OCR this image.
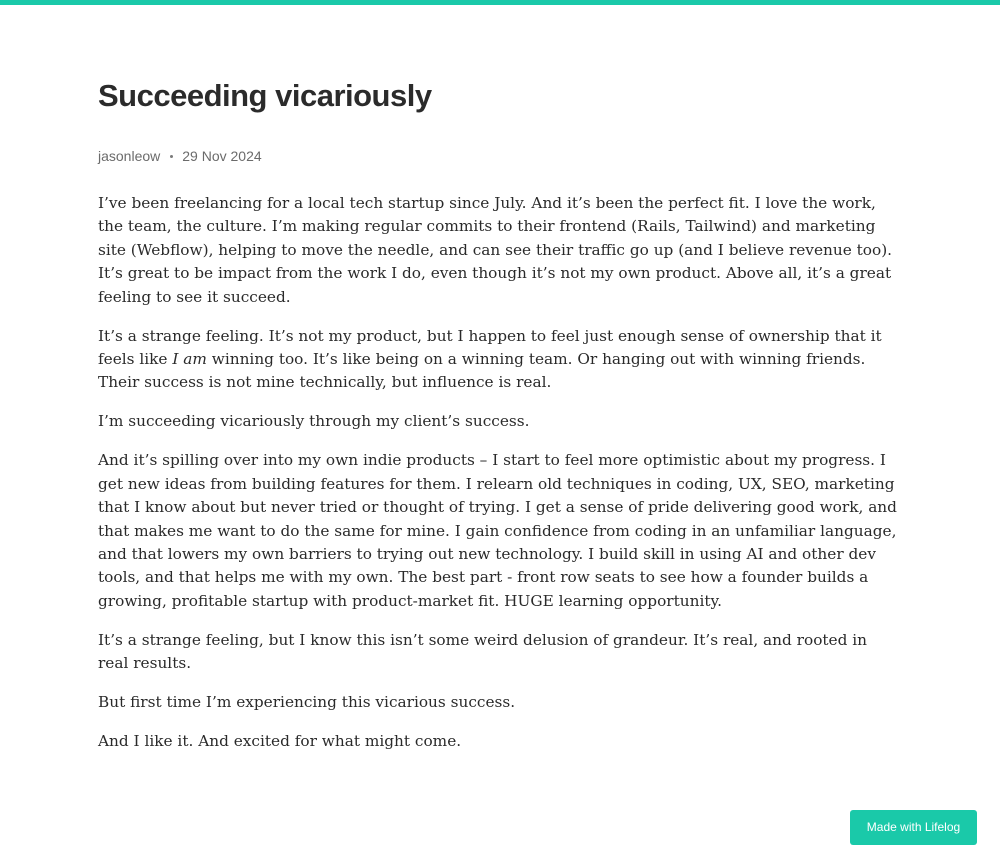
Succeeding vicariously
jasonleow 29 Nov 2024

I’ve been freelancing for a local tech startup since July. And it’s been the perfect fit. I love the work, the team, the culture. I’m making regular commits to their frontend (Rails, Tailwind) and marketing site (Webflow), helping to move the needle, and can see their traffic go up (and I believe revenue too). It’s great to be impact from the work I do, even though it’s not my own product. Above all, it’s a great feeling to see it succeed.

It’s a strange feeling. It’s not my product, but I happen to feel just enough sense of ownership that it feels like I am winning too. It’s like being on a winning team. Or hanging out with winning friends. Their success is not mine technically, but influence is real.

I’m succeeding vicariously through my client’s success.

And it’s spilling over into my own indie products – I start to feel more optimistic about my progress. I get new ideas from building features for them. I relearn old techniques in coding, UX, SEO, marketing that I know about but never tried or thought of trying. I get a sense of pride delivering good work, and that makes me want to do the same for mine. I gain confidence from coding in an unfamiliar language, and that lowers my own barriers to trying out new technology. I build skill in using AI and other dev tools, and that helps me with my own. The best part - front row seats to see how a founder builds a growing, profitable startup with product-market fit. HUGE learning opportunity.

It’s a strange feeling, but I know this isn’t some weird delusion of grandeur. It’s real, and rooted in real results.

But first time I’m experiencing this vicarious success.

And I like it. And excited for what might come.

Made with Lifelog
